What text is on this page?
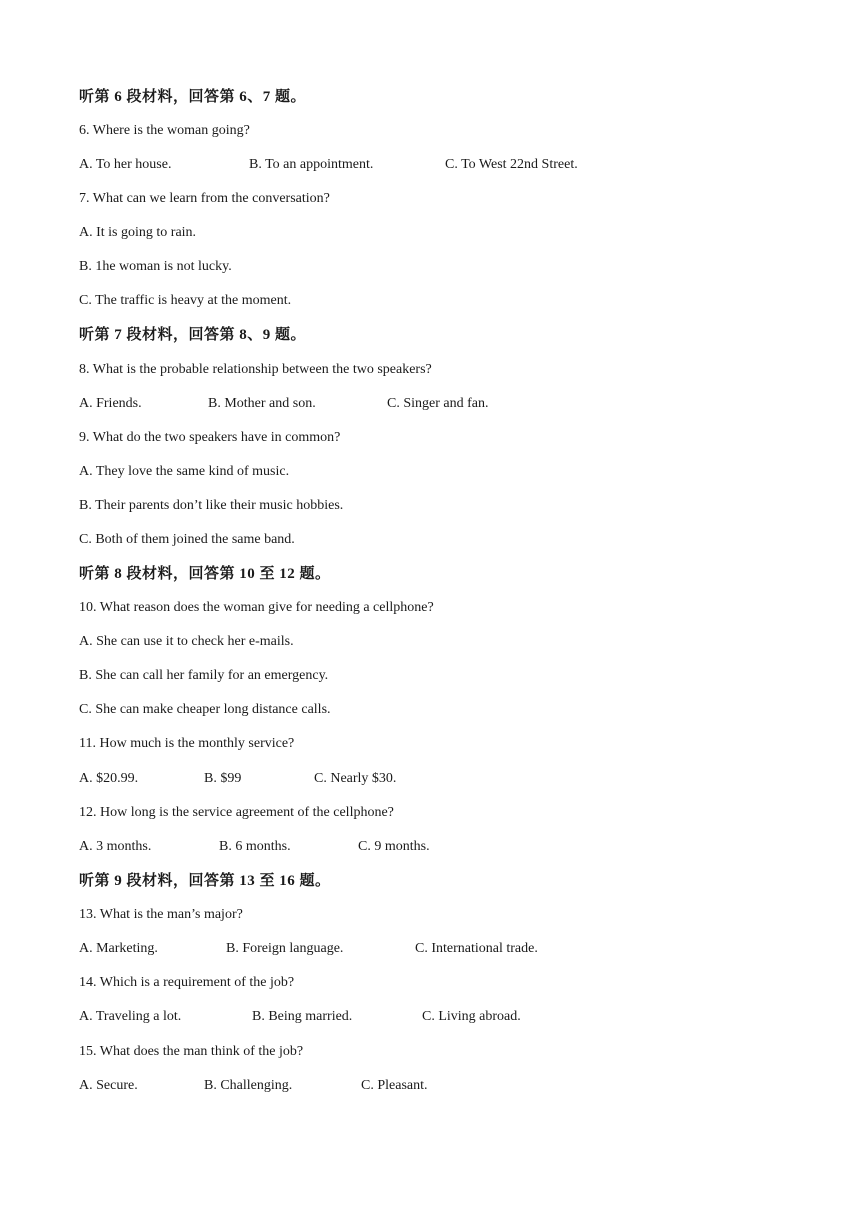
听第 6 段材料，回答第 6、7 题。
6. Where is the woman going?
A. To her house.	B. To an appointment.	C. To West 22nd Street.
7. What can we learn from the conversation?
A. It is going to rain.
B. 1he woman is not lucky.
C. The traffic is heavy at the moment.
听第 7 段材料，回答第 8、9 题。
8. What is the probable relationship between the two speakers?
A. Friends.	B. Mother and son.	C. Singer and fan.
9. What do the two speakers have in common?
A. They love the same kind of music.
B. Their parents don’t like their music hobbies.
C. Both of them joined the same band.
听第 8 段材料，回答第 10 至 12 题。
10. What reason does the woman give for needing a cellphone?
A. She can use it to check her e-mails.
B. She can call her family for an emergency.
C. She can make cheaper long distance calls.
11. How much is the monthly service?
A. $20.99.	B. $99	C. Nearly $30.
12. How long is the service agreement of the cellphone?
A. 3 months.	B. 6 months.	C. 9 months.
听第 9 段材料，回答第 13 至 16 题。
13. What is the man’s major?
A. Marketing.	B. Foreign language.	C. International trade.
14. Which is a requirement of the job?
A. Traveling a lot.	B. Being married.	C. Living abroad.
15. What does the man think of the job?
A. Secure.	B. Challenging.	C. Pleasant.
